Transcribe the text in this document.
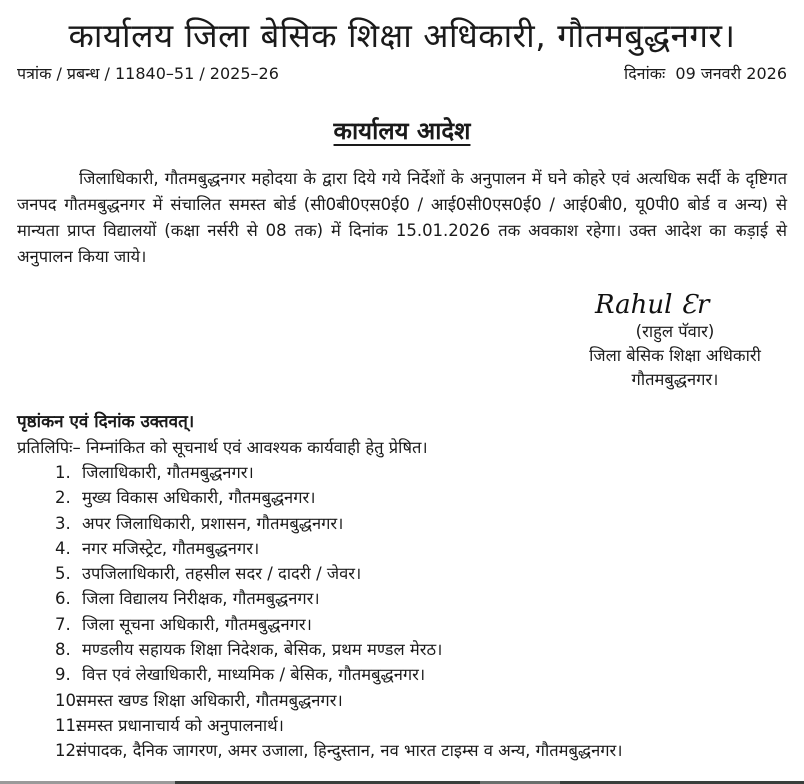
कार्यालय जिला बेसिक शिक्षा अधिकारी, गौतमबुद्धनगर।
पत्रांक / प्रबन्ध / 11840–51 / 2025–26	दिनांकः 09 जनवरी 2026
कार्यालय आदेश

जिलाधिकारी, गौतमबुद्धनगर महोदया के द्वारा दिये गये निर्देशों के अनुपालन में घने कोहरे एवं अत्यधिक सर्दी के दृष्टिगत जनपद गौतमबुद्धनगर में संचालित समस्त बोर्ड (सी0बी0एस0ई0 / आई0सी0एस0ई0 / आई0बी0, यू0पी0 बोर्ड व अन्य) से मान्यता प्राप्त विद्यालयों (कक्षा नर्सरी से 08 तक) में दिनांक 15.01.2026 तक अवकाश रहेगा। उक्त आदेश का कड़ाई से अनुपालन किया जाये।

Rahul Ɛr
(राहुल पॅवार)
जिला बेसिक शिक्षा अधिकारी
गौतमबुद्धनगर।
पृष्ठांकन एवं दिनांक उक्तवत्।
प्रतिलिपिः– निम्नांकित को सूचनार्थ एवं आवश्यक कार्यवाही हेतु प्रेषित।
1. जिलाधिकारी, गौतमबुद्धनगर।
2. मुख्य विकास अधिकारी, गौतमबुद्धनगर।
3. अपर जिलाधिकारी, प्रशासन, गौतमबुद्धनगर।
4. नगर मजिस्ट्रेट, गौतमबुद्धनगर।
5. उपजिलाधिकारी, तहसील सदर / दादरी / जेवर।
6. जिला विद्यालय निरीक्षक, गौतमबुद्धनगर।
7. जिला सूचना अधिकारी, गौतमबुद्धनगर।
8. मण्डलीय सहायक शिक्षा निदेशक, बेसिक, प्रथम मण्डल मेरठ।
9. वित्त एवं लेखाधिकारी, माध्यमिक / बेसिक, गौतमबुद्धनगर।
10.
समस्त खण्ड शिक्षा अधिकारी, गौतमबुद्धनगर।
11.
समस्त प्रधानाचार्य को अनुपालनार्थ।
12.
संपादक, दैनिक जागरण, अमर उजाला, हिन्दुस्तान, नव भारत टाइम्स व अन्य, गौतमबुद्धनगर।
